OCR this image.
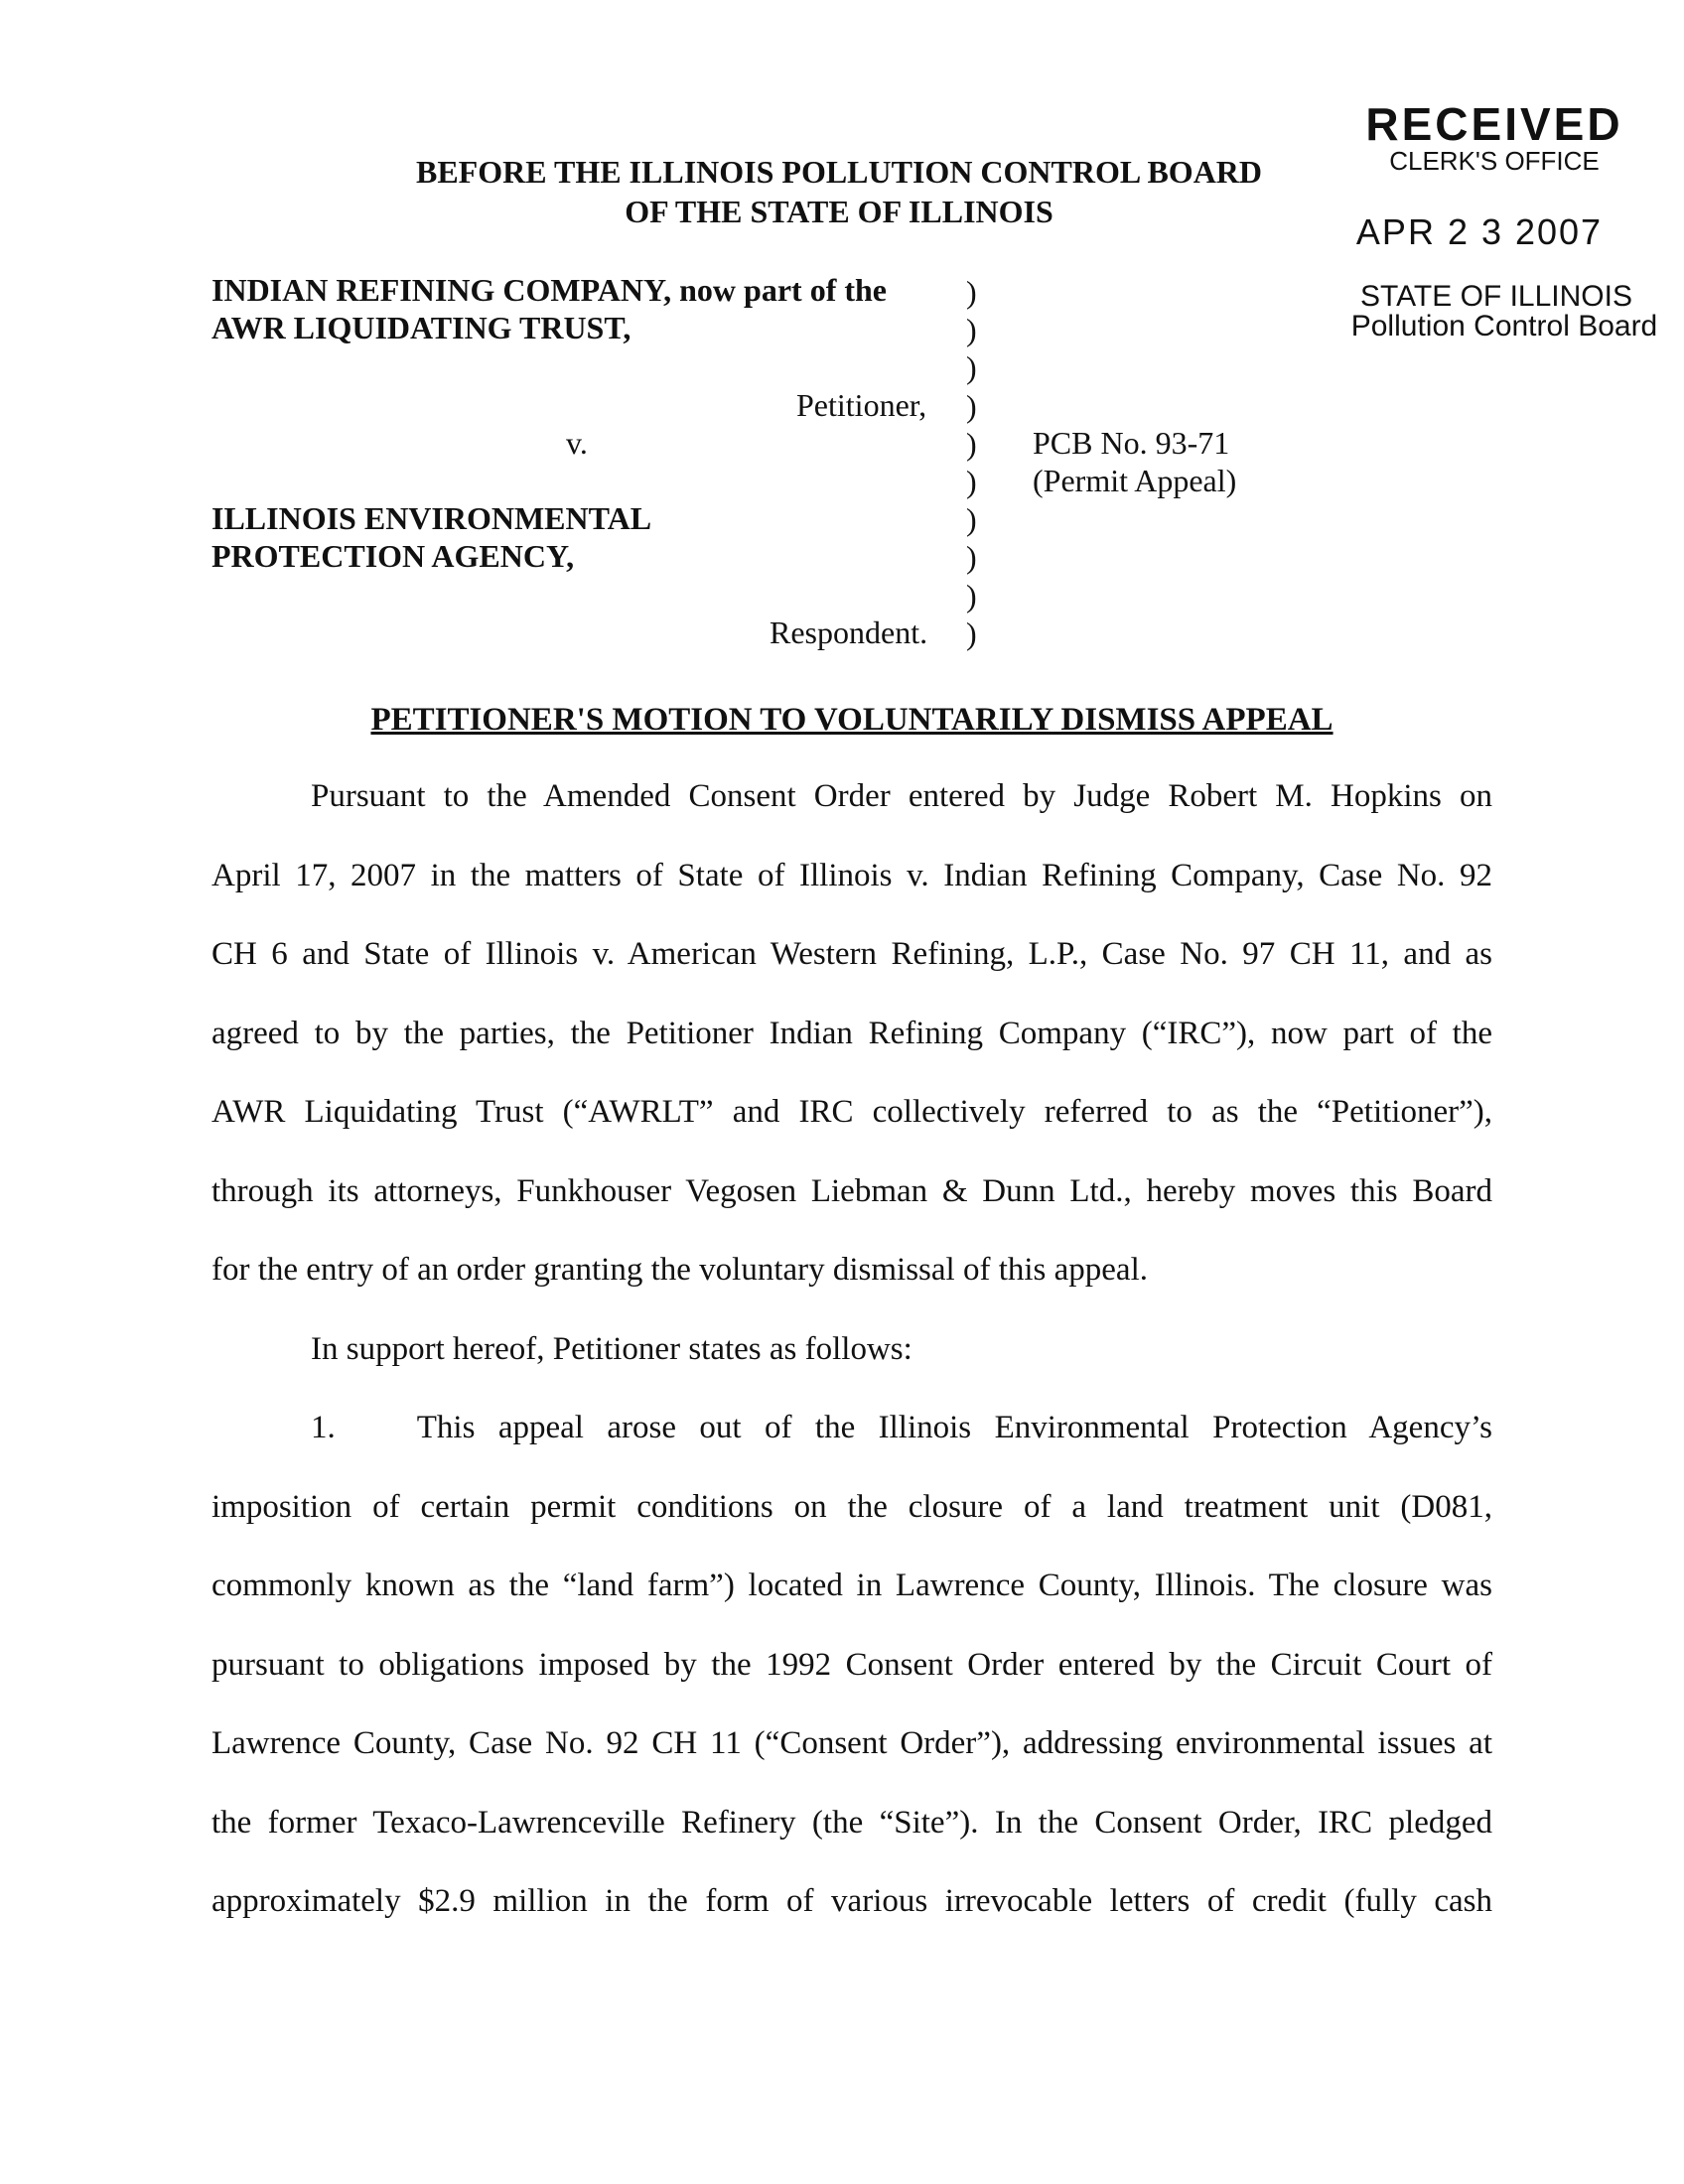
RECEIVED
CLERK'S OFFICE
APR 2 3 2007
STATE OF ILLINOIS
Pollution Control Board
BEFORE THE ILLINOIS POLLUTION CONTROL BOARD
OF THE STATE OF ILLINOIS
INDIAN REFINING COMPANY, now part of the
AWR LIQUIDATING TRUST,
Petitioner,
v.
ILLINOIS ENVIRONMENTAL
PROTECTION AGENCY,
Respondent.
)
)
)
)
)
)
)
)
)
)
PCB No. 93-71
(Permit Appeal)
PETITIONER'S MOTION TO VOLUNTARILY DISMISS APPEAL
Pursuant to the Amended Consent Order entered by Judge Robert M. Hopkins on
April 17, 2007 in the matters of State of Illinois v. Indian Refining Company, Case No. 92
CH 6 and State of Illinois v. American Western Refining, L.P., Case No. 97 CH 11, and as
agreed to by the parties, the Petitioner Indian Refining Company (“IRC”), now part of the
AWR Liquidating Trust (“AWRLT” and IRC collectively referred to as the “Petitioner”),
through its attorneys, Funkhouser Vegosen Liebman & Dunn Ltd., hereby moves this Board
for the entry of an order granting the voluntary dismissal of this appeal.
In support hereof, Petitioner states as follows:
1. This appeal arose out of the Illinois Environmental Protection Agency’s
imposition of certain permit conditions on the closure of a land treatment unit (D081,
commonly known as the “land farm”) located in Lawrence County, Illinois. The closure was
pursuant to obligations imposed by the 1992 Consent Order entered by the Circuit Court of
Lawrence County, Case No. 92 CH 11 (“Consent Order”), addressing environmental issues at
the former Texaco-Lawrenceville Refinery (the “Site”). In the Consent Order, IRC pledged
approximately $2.9 million in the form of various irrevocable letters of credit (fully cash
